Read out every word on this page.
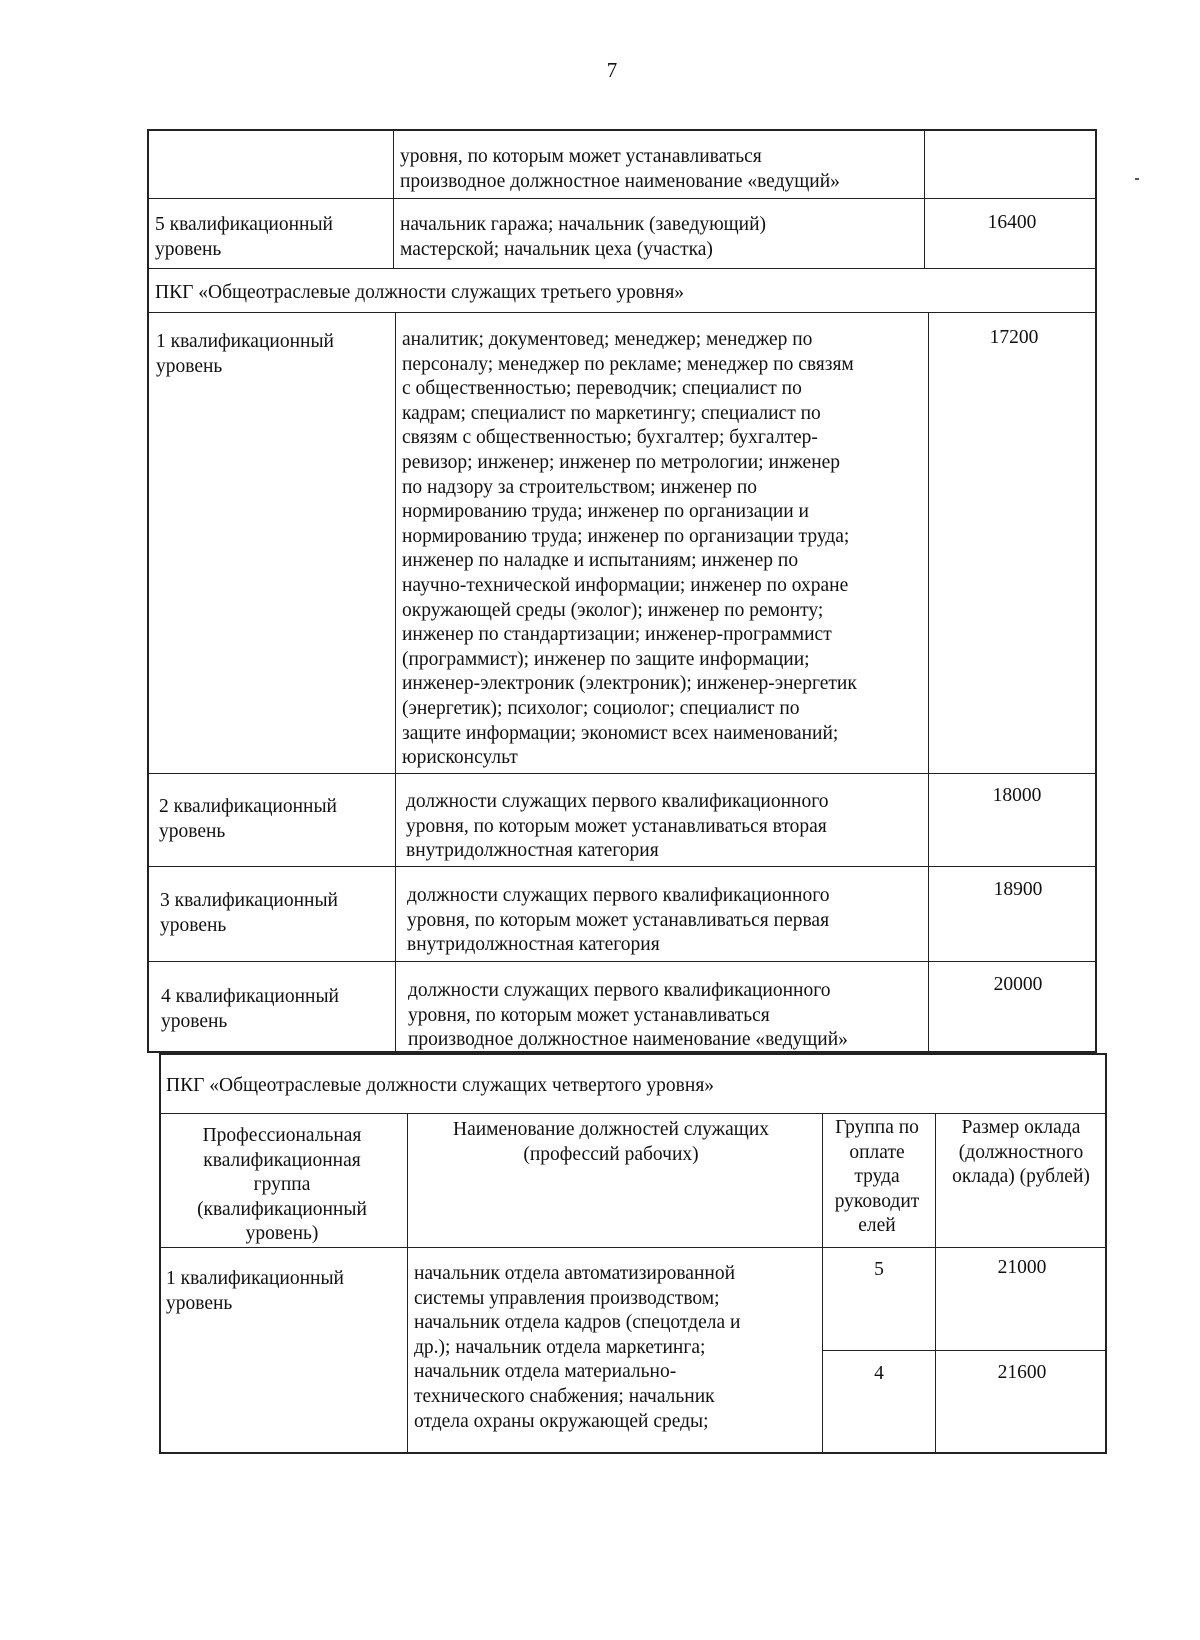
7
уровня, по которым может устанавливаться
производное должностное наименование «ведущий»
5 квалификационный
уровень
начальник гаража; начальник (заведующий)
мастерской; начальник цеха (участка)
16400
ПКГ «Общеотраслевые должности служащих третьего уровня»
1 квалификационный
уровень
аналитик; документовед; менеджер; менеджер по
персоналу; менеджер по рекламе; менеджер по связям
с общественностью; переводчик; специалист по
кадрам; специалист по маркетингу; специалист по
связям с общественностью; бухгалтер; бухгалтер-
ревизор; инженер; инженер по метрологии; инженер
по надзору за строительством; инженер по
нормированию труда; инженер по организации и
нормированию труда; инженер по организации труда;
инженер по наладке и испытаниям; инженер по
научно-технической информации; инженер по охране
окружающей среды (эколог); инженер по ремонту;
инженер по стандартизации; инженер-программист
(программист); инженер по защите информации;
инженер-электроник (электроник); инженер-энергетик
(энергетик); психолог; социолог; специалист по
защите информации; экономист всех наименований;
юрисконсульт
17200
2 квалификационный
уровень
должности служащих первого квалификационного
уровня, по которым может устанавливаться вторая
внутридолжностная категория
18000
3 квалификационный
уровень
должности служащих первого квалификационного
уровня, по которым может устанавливаться первая
внутридолжностная категория
18900
4 квалификационный
уровень
должности служащих первого квалификационного
уровня, по которым может устанавливаться
производное должностное наименование «ведущий»
20000
ПКГ «Общеотраслевые должности служащих четвертого уровня»
Профессиональная
квалификационная
группа
(квалификационный
уровень)
Наименование должностей служащих
(профессий рабочих)
Группа по
оплате
труда
руководит
елей
Размер оклада
(должностного
оклада) (рублей)
1 квалификационный
уровень
начальник отдела автоматизированной
системы управления производством;
начальник отдела кадров (спецотдела и
др.); начальник отдела маркетинга;
начальник отдела материально-
технического снабжения; начальник
отдела охраны окружающей среды;
5	21000
4	21600
